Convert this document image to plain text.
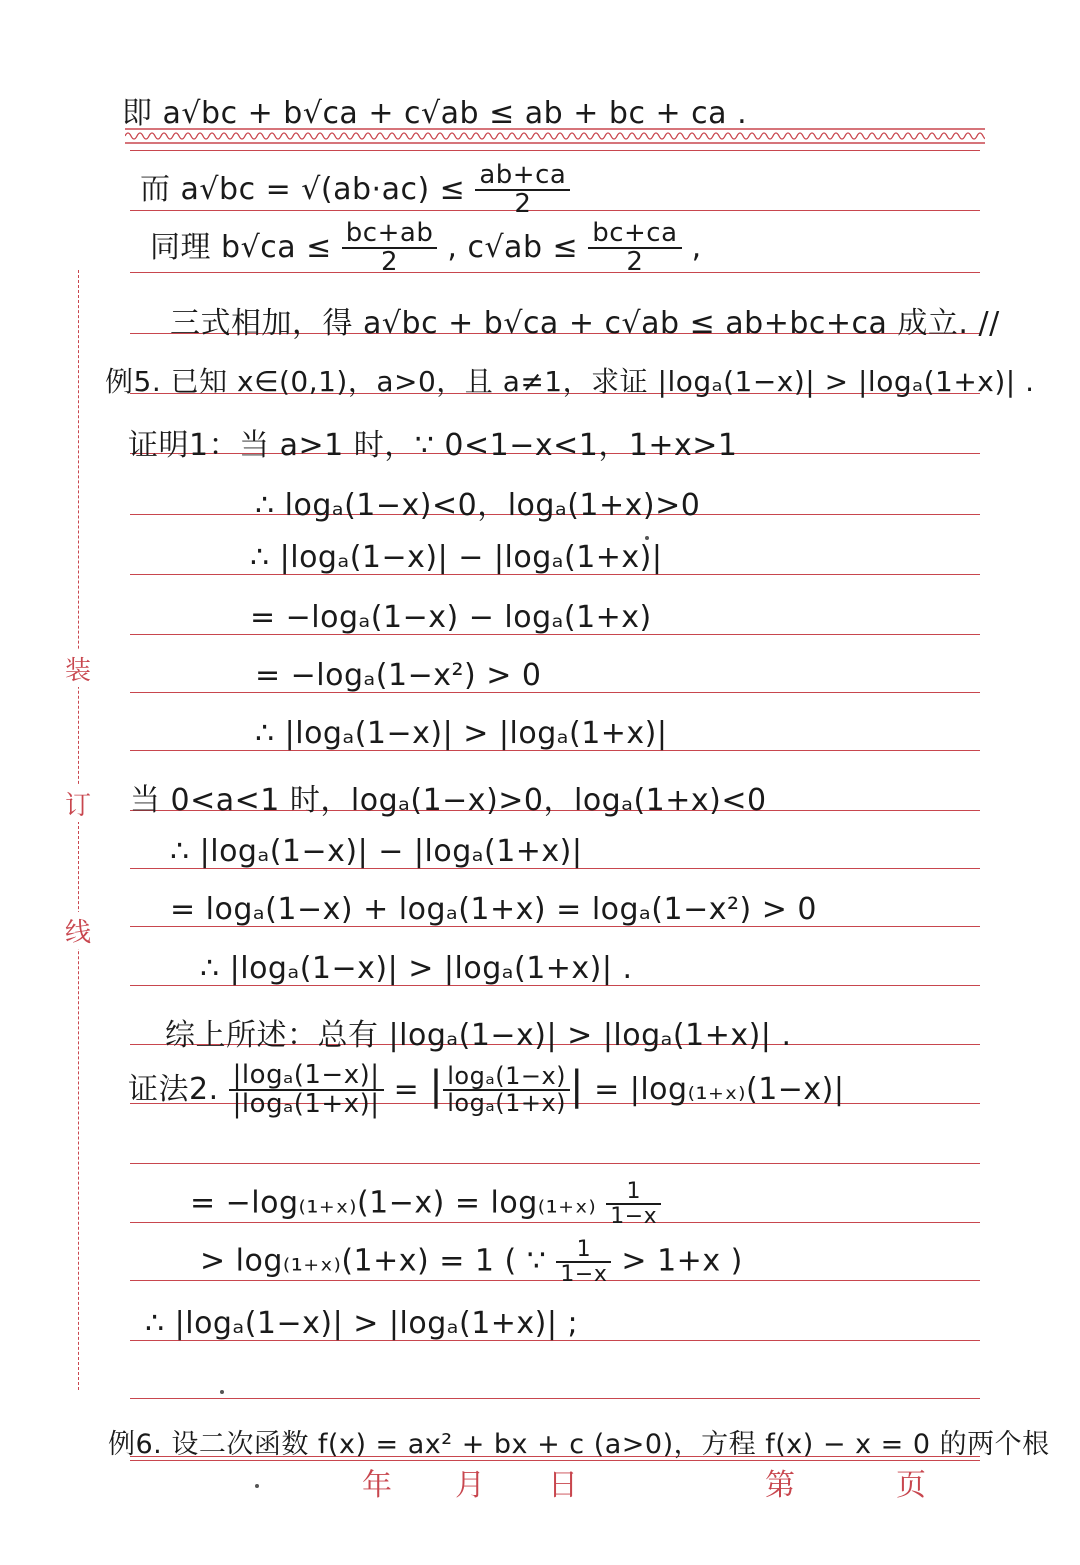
装
订
线
即 a√bc + b√ca + c√ab ≤ ab + bc + ca .
而 $a√bc = √(ab\cdot ac) \le \frac{ab+ca}{2}$
同理 $b√ca \le \frac{bc+ab}{2}$ , $c√ab \le \frac{bc+ca}{2}$ ,
三式相加，得 a√bc + b√ca + c√ab ≤ ab+bc+ca 成立. //
例5. 已知 x∈(0,1)，a>0，且 a≠1，求证 |logₐ(1−x)| > |logₐ(1+x)| .
证明1：当 a>1 时，∵ 0<1−x<1，1+x>1
∴ logₐ(1−x)<0，logₐ(1+x)>0
∴ |logₐ(1−x)| − |logₐ(1+x)|
= −logₐ(1−x) − logₐ(1+x)
= −logₐ(1−x²) > 0
∴ |logₐ(1−x)| > |logₐ(1+x)|
当 0<a<1 时，logₐ(1−x)>0，logₐ(1+x)<0
∴ |logₐ(1−x)| − |logₐ(1+x)|
= logₐ(1−x) + logₐ(1+x) = logₐ(1−x²) > 0
∴ |logₐ(1−x)| > |logₐ(1+x)| .
综上所述：总有 |logₐ(1−x)| > |logₐ(1+x)| .
证法2. $\frac{\text{|logₐ(1−x)|}}{\text{|logₐ(1+x)|}}$ = | $\frac{\text{logₐ(1−x)}}{\text{logₐ(1+x)}}$ | = |log₍₁₊ₓ₎(1−x)|
= $-\log_{(1+x)}(1-x) = \log_{(1+x)} \frac{1}{1-x}$
> log₍₁₊ₓ₎(1+x) = 1 ( ∵ $\frac{1}{1-x} > 1+x$ )
∴ |logₐ(1−x)| > |logₐ(1+x)| ;
例6. 设二次函数 f(x) = ax² + bx + c (a>0)，方程 f(x) − x = 0 的两个根
年 月 日	第	页
